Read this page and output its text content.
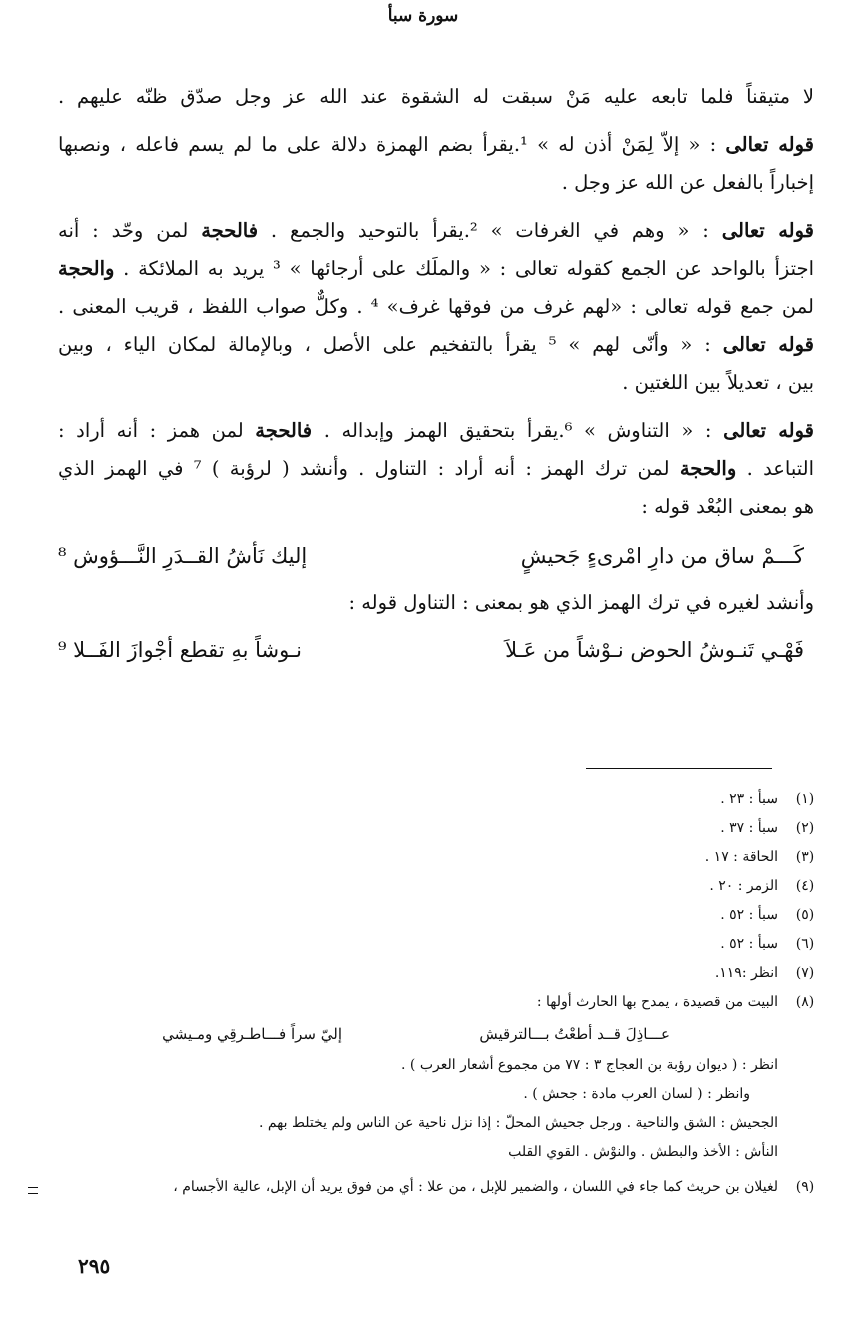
سورة سبأ
لا متيقناً فلما تابعه عليه مَنْ سبقت له الشقوة عند الله عز وجل صدّق ظنّه عليهم .
قوله تعالى : « إلاّ لِمَنْ أذن له » ¹.يقرأ بضم الهمزة دلالة على ما لم يسم فاعله ، ونصبها
إخباراً بالفعل عن الله عز وجل .
قوله تعالى : « وهم في الغرفات » ².يقرأ بالتوحيد والجمع . فالحجة لمن وحّد : أنه
اجتزأ بالواحد عن الجمع كقوله تعالى : « والملَك على أرجائها » ³ يريد به الملائكة . والحجة
لمن جمع قوله تعالى : «لهم غرف من فوقها غرف» ⁴ . وكلٌّ صواب اللفظ ، قريب المعنى .
قوله تعالى : « وأنّى لهم » ⁵ يقرأ بالتفخيم على الأصل ، وبالإمالة لمكان الياء ، وبين
بين ، تعديلاً بين اللغتين .
قوله تعالى : « التناوش » ⁶.يقرأ بتحقيق الهمز وإبداله . فالحجة لمن همز : أنه أراد :
التباعد . والحجة لمن ترك الهمز : أنه أراد : التناول . وأنشد ( لرؤبة ) ⁷ في الهمز الذي
هو بمعنى البُعْد قوله :
كَـــمْ ساق من دارِ امْرىءٍ جَحيشٍ
إليك نَأشُ القــدَرِ النَّـــؤوش ⁸
وأنشد لغيره في ترك الهمز الذي هو بمعنى : التناول قوله :
فَهْـي تَنـوشُ الحوض نـوْشاً من عَـلاَ
نـوشاً بهِ تقطع أجْوازَ الفَــلا ⁹
(١)
سبأ : ٢٣ .
(٢)
سبأ : ٣٧ .
(٣)
الحاقة : ١٧ .
(٤)
الزمر : ٢٠ .
(٥)
سبأ : ٥٢ .
(٦)
سبأ : ٥٢ .
(٧)
انظر :١١٩.
(٨)
البيت من قصيدة ، يمدح بها الحارث أولها :
عـــاذِلَ قــد أطعْتُ بـــالترقيش
إليّ سراً فـــاطـرقِي ومـيشي
انظر : ( ديوان رؤبة بن العجاج ٣ : ٧٧ من مجموع أشعار العرب ) .
وانظر : ( لسان العرب مادة : جحش ) .
الجحيش : الشق والناحية . ورجل جحيش المحلّ : إذا نزل ناحية عن الناس ولم يختلط بهم .
النأش : الأخذ والبطش . والنوْش . القوي القلب
(٩)
لغيلان بن حريث كما جاء في اللسان ، والضمير للإبل ، من علا : أي من فوق يريد أن الإبل، عالية الأجسام ،
٢٩٥
